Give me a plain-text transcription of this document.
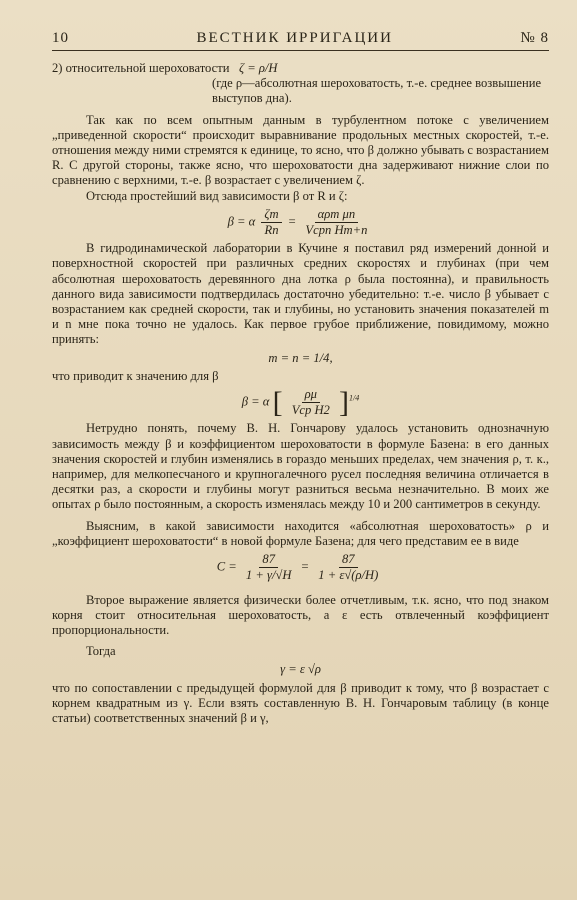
10	ВЕСТНИК ИРРИГАЦИИ	№ 8

2) относительной шероховатости ζ = ρ/H

(где ρ—абсолютная шероховатость, т.-е. среднее возвышение выступов дна).

Так как по всем опытным данным в турбулентном потоке с увеличением „приведенной скорости“ происходит выравнивание продольных местных скоростей, т.-е. отношения между ними стремятся к единице, то ясно, что β должно убывать с возрастанием R. С другой стороны, также ясно, что шероховатости дна задерживают нижние слои по сравнению с верхними, т.-е. β возрастает с увеличением ζ.

Отсюда простейший вид зависимости β от R и ζ:

β = α $\frac{\zeta m}{Rn} = \frac{\text{αρm μn}}{\text{Vcpn Hm+n}}$

В гидродинамической лаборатории в Кучине я поставил ряд измерений донной и поверхностной скоростей при различных средних скоростях и глубинах (при чем абсолютная шероховатость деревянного дна лотка ρ была постоянна), и правильность данного вида зависимости подтвердилась достаточно убедительно: т.-е. число β убывает с возрастанием как средней скорости, так и глубины, но установить значения показателей m и n мне пока точно не удалось. Как первое грубое приближение, повидимому, можно принять:

m = n = 1/4,

что приводит к значению для β

β = α [ $\frac{\rho\mu}{\text{Vcp H2}} ]^{1/4}$

Нетрудно понять, почему В. Н. Гончарову удалось установить однозначную зависимость между β и коэффициентом шероховатости в формуле Базена: в его данных значения скоростей и глубин изменялись в гораздо меньших пределах, чем значения ρ, т. к., например, для мелкопесчаного и крупногалечного русел последняя величина отличается в десятки раз, а скорости и глубины могут разниться весьма незначительно. В моих же опытах ρ было постоянным, а скорость изменялась между 10 и 200 сантиметров в секунду.

Выясним, в какой зависимости находится «абсолютная шероховатость» ρ и „коэффициент шероховатости“ в новой формуле Базена; для чего представим ее в виде

$C = \frac{87}{1 + \gamma/√H} = \frac{87}{1 + \varepsilon√(\rho/H)}$

Второе выражение является физически более отчетливым, т.к. ясно, что под знаком корня стоит относительная шероховатость, а ε есть отвлеченный коэффициент пропорциональности.

Тогда

γ = ε √ρ

что по сопоставлении с предыдущей формулой для β приводит к тому, что β возрастает с корнем квадратным из γ. Если взять составленную В. Н. Гончаровым таблицу (в конце статьи) соответственных значений β и γ,
